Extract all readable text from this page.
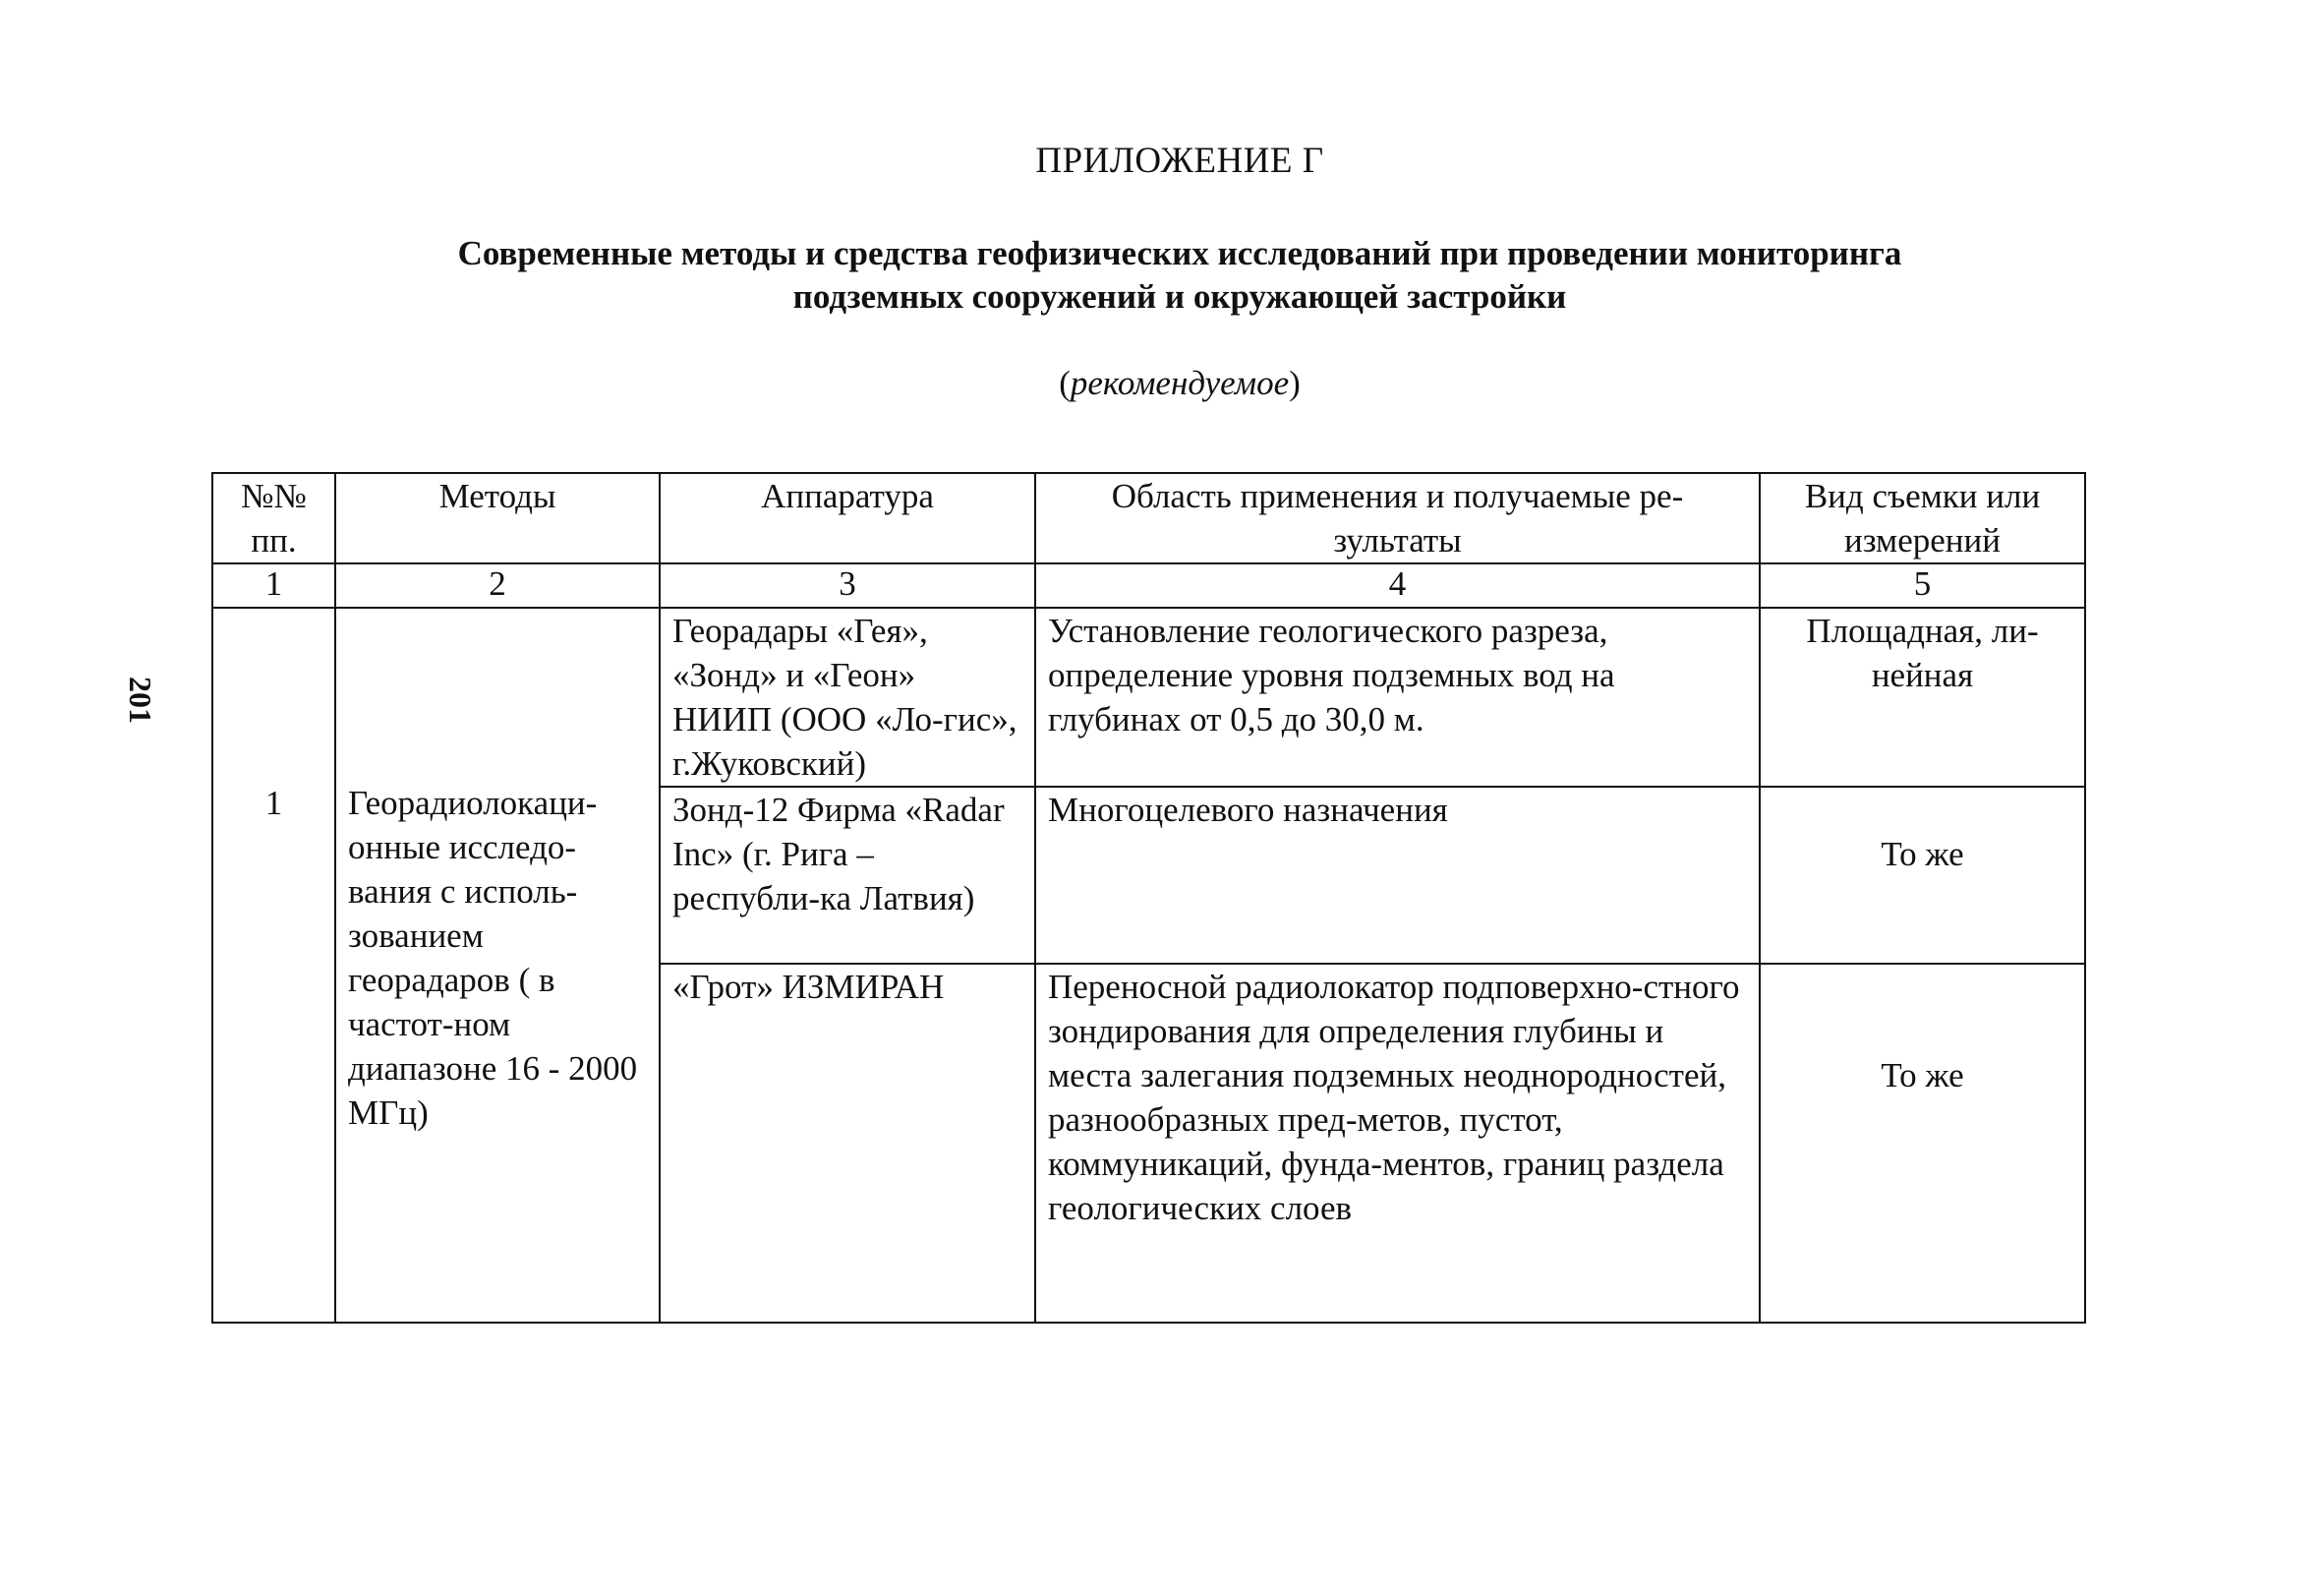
ПРИЛОЖЕНИЕ Г
Современные методы и средства геофизических исследований при проведении мониторинга
подземных сооружений и окружающей застройки
(рекомендуемое)
201
№№ пп.	Методы	Аппаратура	Область применения и получаемые ре-зультаты	Вид съемки или измерений
1	2	3	4	5
1	Георадиолокаци-онные исследо-вания с исполь-зованием георадаров ( в частот-ном диапазоне 16 - 2000 МГц)	Георадары «Гея», «Зонд» и «Геон» НИИП (ООО «Ло-гис», г.Жуковский)	Установление геологического разреза, определение уровня подземных вод на глубинах от 0,5 до 30,0 м.	Площадная, ли-нейная
		Зонд-12 Фирма «Radar Inc» (г. Рига – республи-ка Латвия)	Многоцелевого назначения	То же
		«Грот» ИЗМИРАН	Переносной радиолокатор подповерхно-стного зондирования для определения глубины и места залегания подземных неоднородностей, разнообразных пред-метов, пустот, коммуникаций, фунда-ментов, границ раздела геологических слоев	То же
